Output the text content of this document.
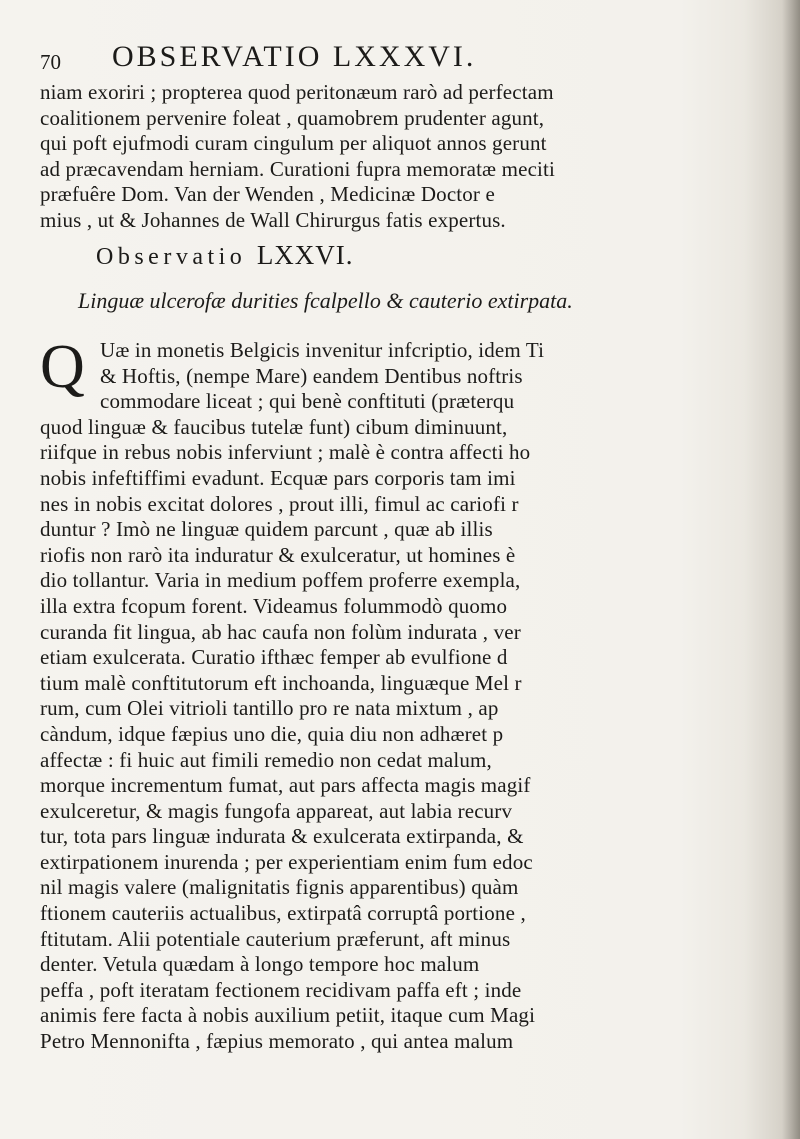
70 OBSERVATIO LXXXVI.
niam exoriri ; propterea quod peritonæum rarò ad perfectam
coalitionem pervenire foleat , quamobrem prudenter agunt,
qui poft ejufmodi curam cingulum per aliquot annos gerunt
ad præcavendam herniam. Curationi fupra memoratæ meciti
præfuêre Dom. Van der Wenden , Medicinæ Doctor e
mius , ut & Johannes de Wall Chirurgus fatis expertus.
Observatio LXXVI.
Linguæ ulcerofæ durities fcalpello & cauterio extirpata.
Q Uæ in monetis Belgicis invenitur infcriptio, idem Ti
& Hoftis, (nempe Mare) eandem Dentibus noftris
commodare liceat ; qui benè conftituti (præterqu
quod linguæ & faucibus tutelæ funt) cibum diminuunt,
riifque in rebus nobis inferviunt ; malè è contra affecti ho
nobis infeftiffimi evadunt. Ecquæ pars corporis tam imi
nes in nobis excitat dolores , prout illi, fimul ac cariofi r
duntur ? Imò ne linguæ quidem parcunt , quæ ab illis
riofis non rarò ita induratur & exulceratur, ut homines è
dio tollantur. Varia in medium poffem proferre exempla,
illa extra fcopum forent. Videamus folummodò quomo
curanda fit lingua, ab hac caufa non folùm indurata , ver
etiam exulcerata. Curatio ifthæc femper ab evulfione d
tium malè conftitutorum eft inchoanda, linguæque Mel r
rum, cum Olei vitrioli tantillo pro re nata mixtum , ap
càndum, idque fæpius uno die, quia diu non adhæret p
affectæ : fi huic aut fimili remedio non cedat malum,
morque incrementum fumat, aut pars affecta magis magif
exulceretur, & magis fungofa appareat, aut labia recurv
tur, tota pars linguæ indurata & exulcerata extirpanda, &
extirpationem inurenda ; per experientiam enim fum edoc
nil magis valere (malignitatis fignis apparentibus) quàm
ftionem cauteriis actualibus, extirpatâ corruptâ portione ,
ftitutam. Alii potentiale cauterium præferunt, aft minus
denter. Vetula quædam à longo tempore hoc malum
peffa , poft iteratam fectionem recidivam paffa eft ; inde
animis fere facta à nobis auxilium petiit, itaque cum Magi
Petro Mennonifta , fæpius memorato , qui antea malum
